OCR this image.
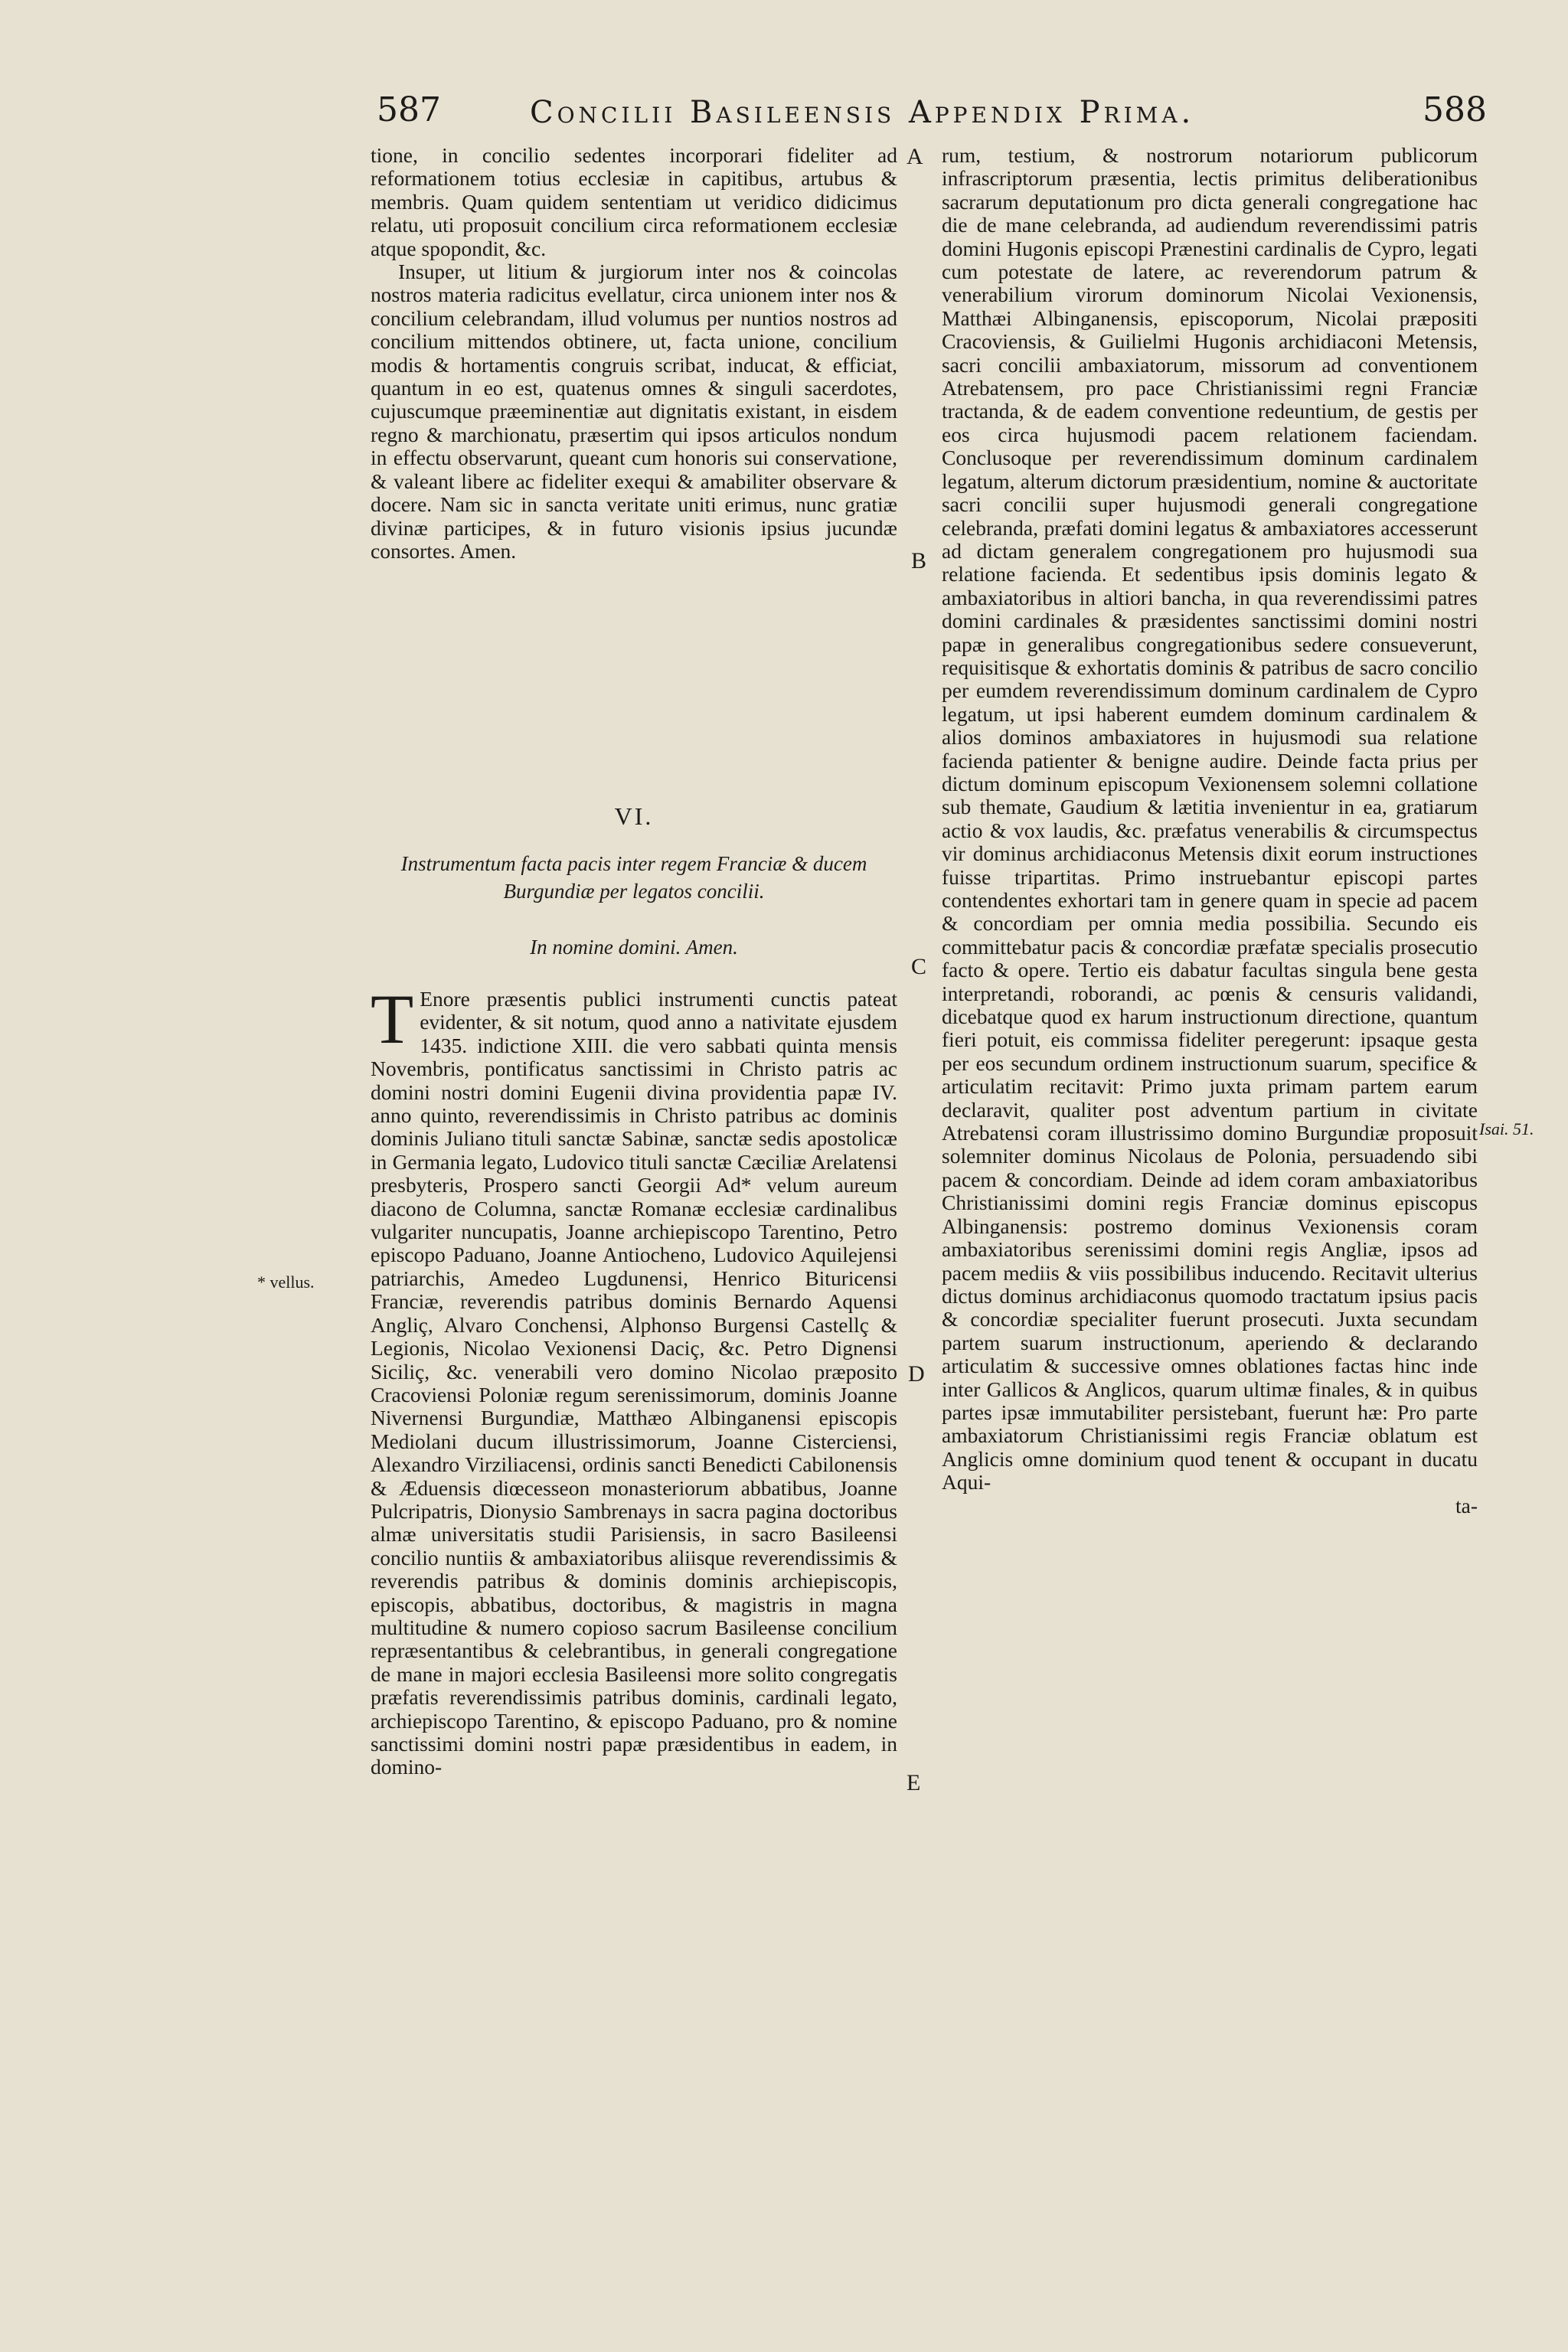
587	Concilii Basileensis Appendix Prima.	588

tione, in concilio sedentes incorporari fideliter ad reformationem totius ecclesiæ in capitibus, artubus & membris. Quam quidem sententiam ut veridico didicimus relatu, uti proposuit concilium circa reformationem ecclesiæ atque spopondit, &c.

Insuper, ut litium & jurgiorum inter nos & coincolas nostros materia radicitus evellatur, circa unionem inter nos & concilium celebrandam, illud volumus per nuntios nostros ad concilium mittendos obtinere, ut, facta unione, concilium modis & hortamentis congruis scribat, inducat, & efficiat, quantum in eo est, quatenus omnes & singuli sacerdotes, cujuscumque præeminentiæ aut dignitatis existant, in eisdem regno & marchionatu, præsertim qui ipsos articulos nondum in effectu observarunt, queant cum honoris sui conservatione, & valeant libere ac fideliter exequi & amabiliter observare & docere. Nam sic in sancta veritate uniti erimus, nunc gratiæ divinæ participes, & in futuro visionis ipsius jucundæ consortes. Amen.

VI.
Instrumentum facta pacis inter regem Franciæ & ducem Burgundiæ per legatos concilii.
In nomine domini. Amen.
T Enore præsentis publici instrumenti cunctis pateat evidenter, & sit notum, quod anno a nativitate ejusdem 1435. indictione XIII. die vero sabbati quinta mensis Novembris, pontificatus sanctissimi in Christo patris ac domini nostri domini Eugenii divina providentia papæ IV. anno quinto, reverendissimis in Christo patribus ac dominis dominis Juliano tituli sanctæ Sabinæ, sanctæ sedis apostolicæ in Germania legato, Ludovico tituli sanctæ Cæciliæ Arelatensi presbyteris, Prospero sancti Georgii Ad* velum aureum diacono de Columna, sanctæ Romanæ ecclesiæ cardinalibus vulgariter nuncupatis, Joanne archiepiscopo Tarentino, Petro episcopo Paduano, Joanne Antiocheno, Ludovico Aquilejensi patriarchis, Amedeo Lugdunensi, Henrico Bituricensi Franciæ, reverendis patribus dominis Bernardo Aquensi Angliç, Alvaro Conchensi, Alphonso Burgensi Castellç & Legionis, Nicolao Vexionensi Daciç, &c. Petro Dignensi Siciliç, &c. venerabili vero domino Nicolao præposito Cracoviensi Poloniæ regum serenissimorum, dominis Joanne Nivernensi Burgundiæ, Matthæo Albinganensi episcopis Mediolani ducum illustrissimorum, Joanne Cisterciensi, Alexandro Virziliacensi, ordinis sancti Benedicti Cabilonensis & Æduensis diœcesseon monasteriorum abbatibus, Joanne Pulcripatris, Dionysio Sambrenays in sacra pagina doctoribus almæ universitatis studii Parisiensis, in sacro Basileensi concilio nuntiis & ambaxiatoribus aliisque reverendissimis & reverendis patribus & dominis dominis archiepiscopis, episcopis, abbatibus, doctoribus, & magistris in magna multitudine & numero copioso sacrum Basileense concilium repræsentantibus & celebrantibus, in generali congregatione de mane in majori ecclesia Basileensi more solito congregatis præfatis reverendissimis patribus dominis, cardinali legato, archiepiscopo Tarentino, & episcopo Paduano, pro & nomine sanctissimi domini nostri papæ præsidentibus in eadem, in domino-

rum, testium, & nostrorum notariorum publicorum infrascriptorum præsentia, lectis primitus deliberationibus sacrarum deputationum pro dicta generali congregatione hac die de mane celebranda, ad audiendum reverendissimi patris domini Hugonis episcopi Prænestini cardinalis de Cypro, legati cum potestate de latere, ac reverendorum patrum & venerabilium virorum dominorum Nicolai Vexionensis, Matthæi Albinganensis, episcoporum, Nicolai præpositi Cracoviensis, & Guilielmi Hugonis archidiaconi Metensis, sacri concilii ambaxiatorum, missorum ad conventionem Atrebatensem, pro pace Christianissimi regni Franciæ tractanda, & de eadem conventione redeuntium, de gestis per eos circa hujusmodi pacem relationem faciendam. Conclusoque per reverendissimum dominum cardinalem legatum, alterum dictorum præsidentium, nomine & auctoritate sacri concilii super hujusmodi generali congregatione celebranda, præfati domini legatus & ambaxiatores accesserunt ad dictam generalem congregationem pro hujusmodi sua relatione facienda. Et sedentibus ipsis dominis legato & ambaxiatoribus in altiori bancha, in qua reverendissimi patres domini cardinales & præsidentes sanctissimi domini nostri papæ in generalibus congregationibus sedere consueverunt, requisitisque & exhortatis dominis & patribus de sacro concilio per eumdem reverendissimum dominum cardinalem de Cypro legatum, ut ipsi haberent eumdem dominum cardinalem & alios dominos ambaxiatores in hujusmodi sua relatione facienda patienter & benigne audire. Deinde facta prius per dictum dominum episcopum Vexionensem solemni collatione sub themate, Gaudium & lætitia invenientur in ea, gratiarum actio & vox laudis, &c. præfatus venerabilis & circumspectus vir dominus archidiaconus Metensis dixit eorum instructiones fuisse tripartitas. Primo instruebantur episcopi partes contendentes exhortari tam in genere quam in specie ad pacem & concordiam per omnia media possibilia. Secundo eis committebatur pacis & concordiæ præfatæ specialis prosecutio facto & opere. Tertio eis dabatur facultas singula bene gesta interpretandi, roborandi, ac pœnis & censuris validandi, dicebatque quod ex harum instructionum directione, quantum fieri potuit, eis commissa fideliter peregerunt: ipsaque gesta per eos secundum ordinem instructionum suarum, specifice & articulatim recitavit: Primo juxta primam partem earum declaravit, qualiter post adventum partium in civitate Atrebatensi coram illustrissimo domino Burgundiæ proposuit solemniter dominus Nicolaus de Polonia, persuadendo sibi pacem & concordiam. Deinde ad idem coram ambaxiatoribus Christianissimi domini regis Franciæ dominus episcopus Albinganensis: postremo dominus Vexionensis coram ambaxiatoribus serenissimi domini regis Angliæ, ipsos ad pacem mediis & viis possibilibus inducendo. Recitavit ulterius dictus dominus archidiaconus quomodo tractatum ipsius pacis & concordiæ specialiter fuerunt prosecuti. Juxta secundam partem suarum instructionum, aperiendo & declarando articulatim & successive omnes oblationes factas hinc inde inter Gallicos & Anglicos, quarum ultimæ finales, & in quibus partes ipsæ immutabiliter persistebant, fuerunt hæ: Pro parte ambaxiatorum Christianissimi regis Franciæ oblatum est Anglicis omne dominium quod tenent & occupant in ducatu Aqui-

ta-

A
B
C
D
E
* vellus.
Isai. 51.
